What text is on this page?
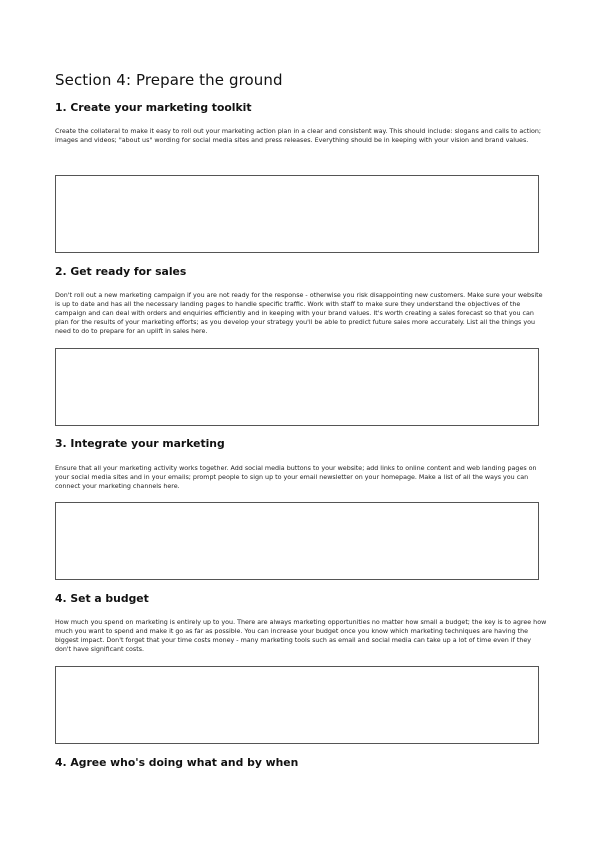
Section 4: Prepare the ground
1. Create your marketing toolkit

Create the collateral to make it easy to roll out your marketing action plan in a clear and consistent way. This should include: slogans and calls to action; images and videos; "about us" wording for social media sites and press releases. Everything should be in keeping with your vision and brand values.

2. Get ready for sales

Don't roll out a new marketing campaign if you are not ready for the response - otherwise you risk disappointing new customers. Make sure your website is up to date and has all the necessary landing pages to handle specific traffic. Work with staff to make sure they understand the objectives of the campaign and can deal with orders and enquiries efficiently and in keeping with your brand values. It's worth creating a sales forecast so that you can plan for the results of your marketing efforts; as you develop your strategy you'll be able to predict future sales more accurately. List all the things you need to do to prepare for an uplift in sales here.

3. Integrate your marketing

Ensure that all your marketing activity works together. Add social media buttons to your website; add links to online content and web landing pages on your social media sites and in your emails; prompt people to sign up to your email newsletter on your homepage. Make a list of all the ways you can connect your marketing channels here.

4. Set a budget

How much you spend on marketing is entirely up to you. There are always marketing opportunities no matter how small a budget; the key is to agree how much you want to spend and make it go as far as possible. You can increase your budget once you know which marketing techniques are having the biggest impact. Don't forget that your time costs money - many marketing tools such as email and social media can take up a lot of time even if they don't have significant costs.

4. Agree who's doing what and by when
